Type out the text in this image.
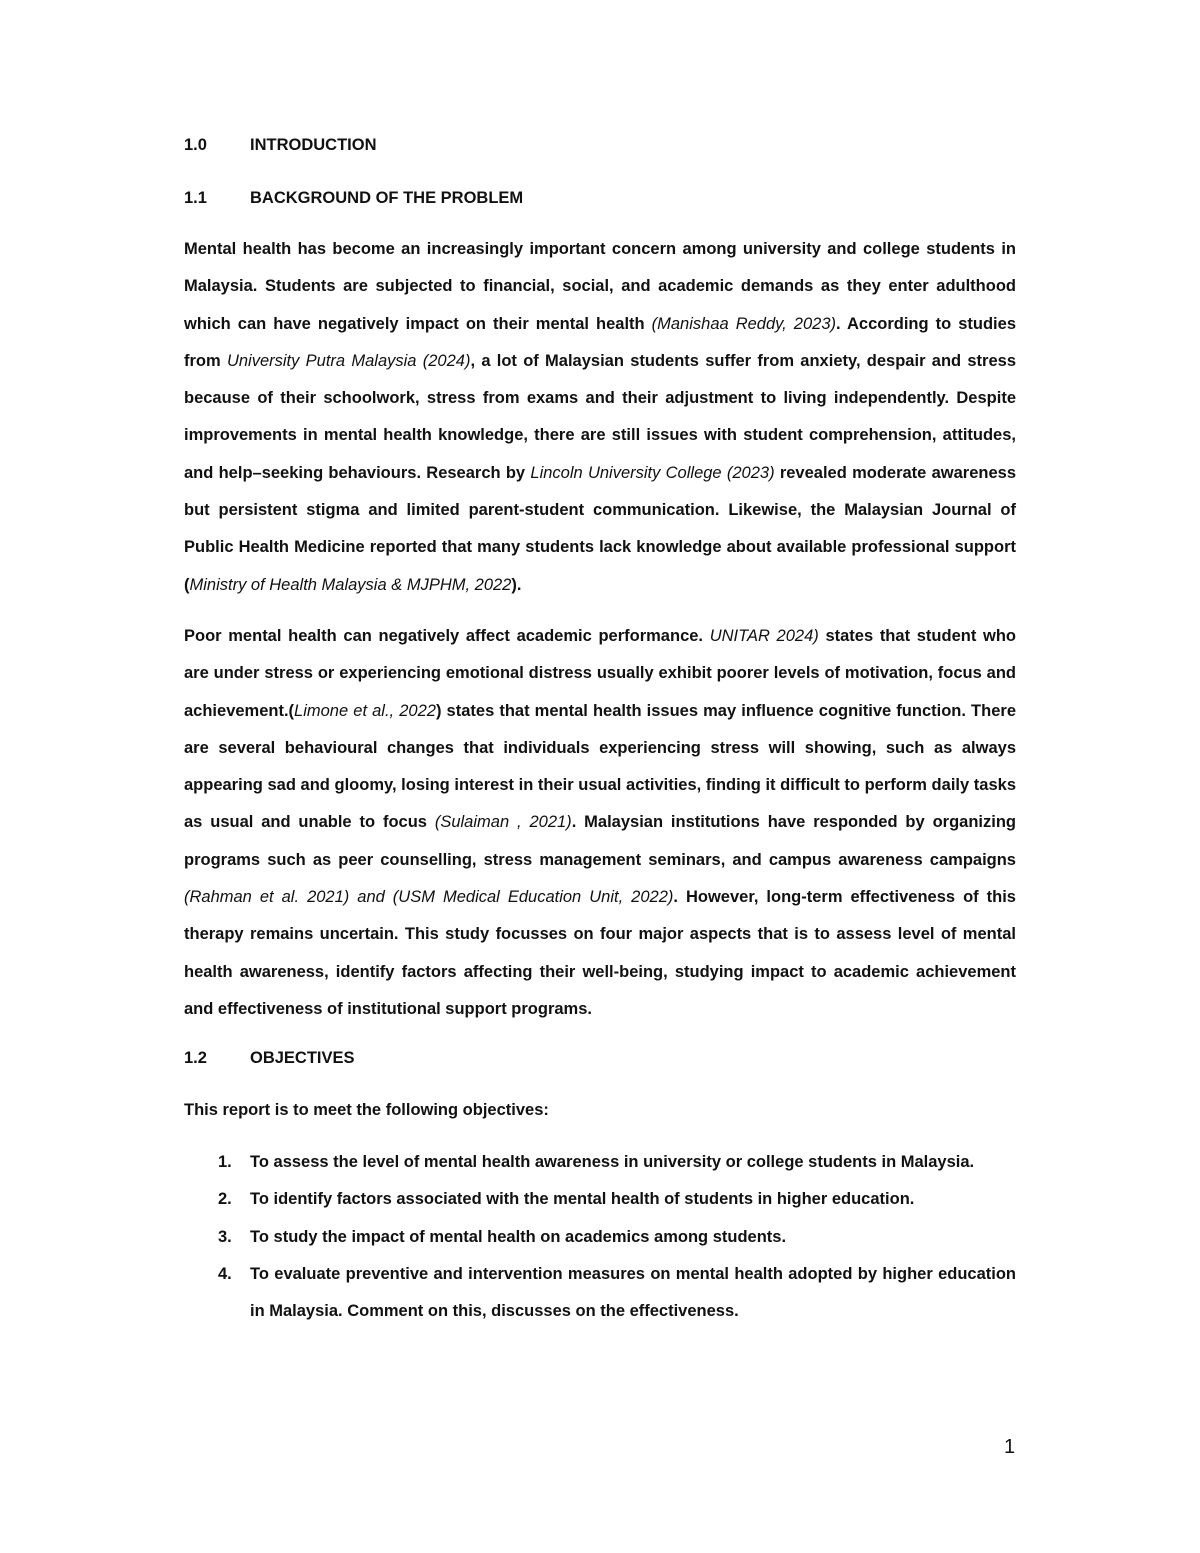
1.0	INTRODUCTION
1.1	BACKGROUND OF THE PROBLEM

Mental health has become an increasingly important concern among university and college students in Malaysia. Students are subjected to financial, social, and academic demands as they enter adulthood which can have negatively impact on their mental health (Manishaa Reddy, 2023). According to studies from University Putra Malaysia (2024), a lot of Malaysian students suffer from anxiety, despair and stress because of their schoolwork, stress from exams and their adjustment to living independently. Despite improvements in mental health knowledge, there are still issues with student comprehension, attitudes, and help–seeking behaviours. Research by Lincoln University College (2023) revealed moderate awareness but persistent stigma and limited parent-student communication. Likewise, the Malaysian Journal of Public Health Medicine reported that many students lack knowledge about available professional support (Ministry of Health Malaysia & MJPHM, 2022).

Poor mental health can negatively affect academic performance. UNITAR 2024) states that student who are under stress or experiencing emotional distress usually exhibit poorer levels of motivation, focus and achievement.(Limone et al., 2022) states that mental health issues may influence cognitive function. There are several behavioural changes that individuals experiencing stress will showing, such as always appearing sad and gloomy, losing interest in their usual activities, finding it difficult to perform daily tasks as usual and unable to focus (Sulaiman , 2021). Malaysian institutions have responded by organizing programs such as peer counselling, stress management seminars, and campus awareness campaigns (Rahman et al. 2021) and (USM Medical Education Unit, 2022). However, long-term effectiveness of this therapy remains uncertain. This study focusses on four major aspects that is to assess level of mental health awareness, identify factors affecting their well-being, studying impact to academic achievement and effectiveness of institutional support programs.

1.2	OBJECTIVES

This report is to meet the following objectives:

1.	To assess the level of mental health awareness in university or college students in Malaysia.
2.	To identify factors associated with the mental health of students in higher education.
3.	To study the impact of mental health on academics among students.
4.	To evaluate preventive and intervention measures on mental health adopted by higher education in Malaysia. Comment on this, discusses on the effectiveness.
1
